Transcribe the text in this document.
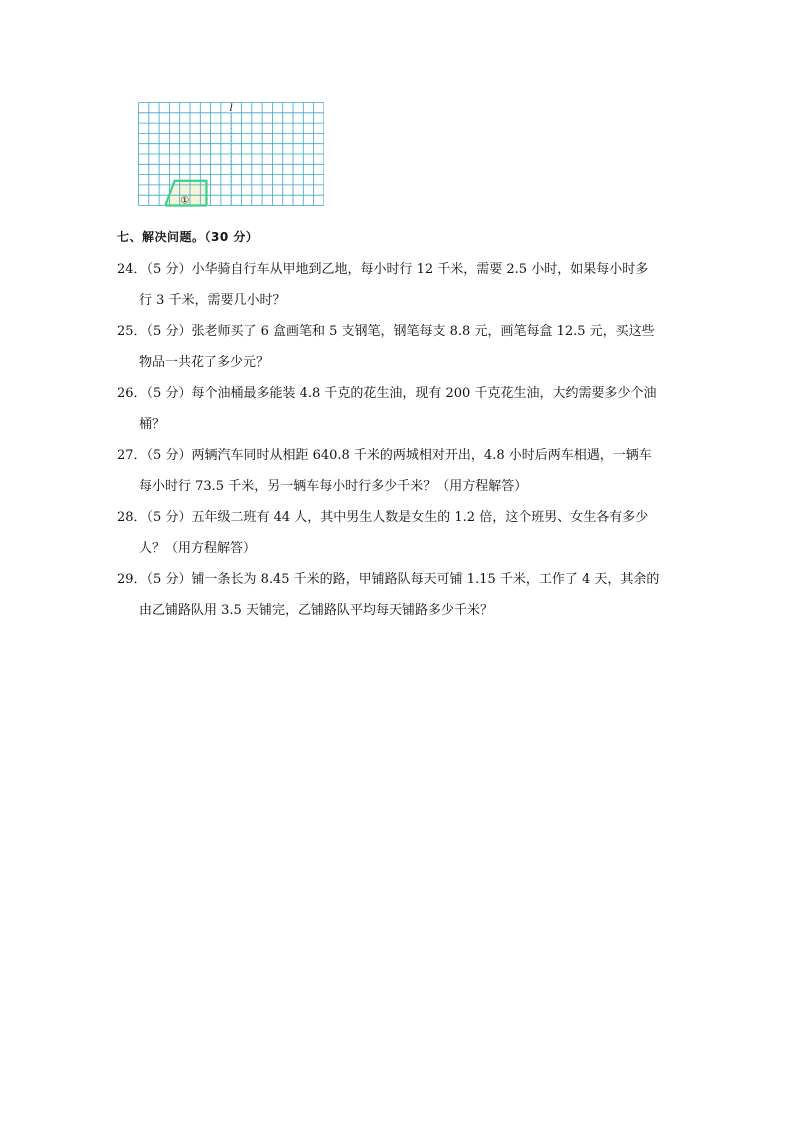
l
①
七、解决问题。（30 分）

24．（5 分）小华骑自行车从甲地到乙地，每小时行 12 千米，需要 2.5 小时，如果每小时多
行 3 千米，需要几小时？

25．（5 分）张老师买了 6 盒画笔和 5 支钢笔，钢笔每支 8.8 元，画笔每盒 12.5 元，买这些
物品一共花了多少元？

26．（5 分）每个油桶最多能装 4.8 千克的花生油，现有 200 千克花生油，大约需要多少个油
桶？

27．（5 分）两辆汽车同时从相距 640.8 千米的两城相对开出，4.8 小时后两车相遇，一辆车
每小时行 73.5 千米，另一辆车每小时行多少千米？（用方程解答）

28．（5 分）五年级二班有 44 人，其中男生人数是女生的 1.2 倍，这个班男、女生各有多少
人？（用方程解答）

29．（5 分）铺一条长为 8.45 千米的路，甲铺路队每天可铺 1.15 千米，工作了 4 天，其余的
由乙铺路队用 3.5 天铺完，乙铺路队平均每天铺路多少千米？
